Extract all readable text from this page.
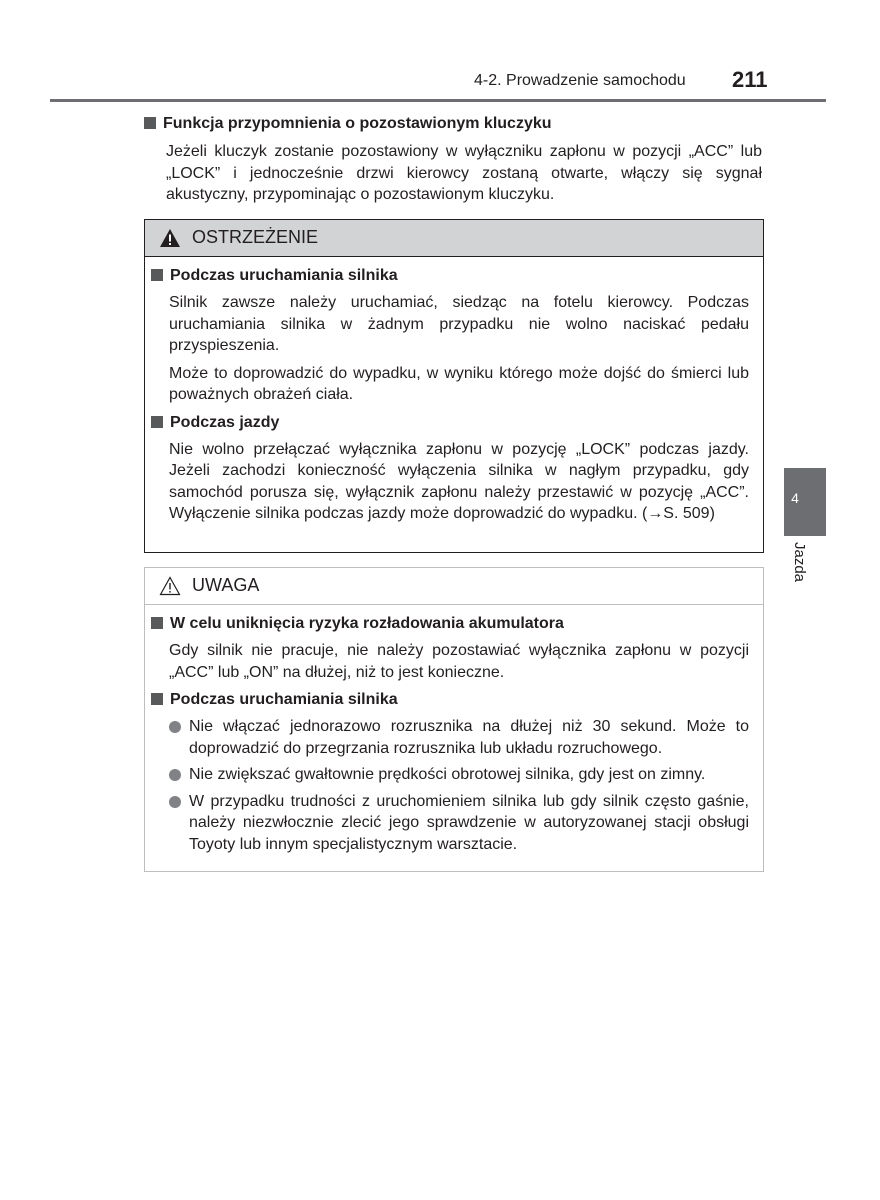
4-2. Prowadzenie samochodu 211
4
Jazda
Funkcja przypomnienia o pozostawionym kluczyku
Jeżeli kluczyk zostanie pozostawiony w wyłączniku zapłonu w pozycji „ACC” lub „LOCK” i jednocześnie drzwi kierowcy zostaną otwarte, włączy się sygnał akustyczny, przypominając o pozostawionym kluczyku.
OSTRZEŻENIE
Podczas uruchamiania silnika
Silnik zawsze należy uruchamiać, siedząc na fotelu kierowcy. Podczas uruchamiania silnika w żadnym przypadku nie wolno naciskać pedału przyspieszenia.
Może to doprowadzić do wypadku, w wyniku którego może dojść do śmierci lub poważnych obrażeń ciała.
Podczas jazdy
Nie wolno przełączać wyłącznika zapłonu w pozycję „LOCK” podczas jazdy. Jeżeli zachodzi konieczność wyłączenia silnika w nagłym przypadku, gdy samochód porusza się, wyłącznik zapłonu należy przestawić w pozycję „ACC”. Wyłączenie silnika podczas jazdy może doprowadzić do wypadku. (→S. 509)
UWAGA
W celu uniknięcia ryzyka rozładowania akumulatora
Gdy silnik nie pracuje, nie należy pozostawiać wyłącznika zapłonu w pozycji „ACC” lub „ON” na dłużej, niż to jest konieczne.
Podczas uruchamiania silnika
Nie włączać jednorazowo rozrusznika na dłużej niż 30 sekund. Może to doprowadzić do przegrzania rozrusznika lub układu rozruchowego.
Nie zwiększać gwałtownie prędkości obrotowej silnika, gdy jest on zimny.
W przypadku trudności z uruchomieniem silnika lub gdy silnik często gaśnie, należy niezwłocznie zlecić jego sprawdzenie w autoryzowanej stacji obsługi Toyoty lub innym specjalistycznym warsztacie.
